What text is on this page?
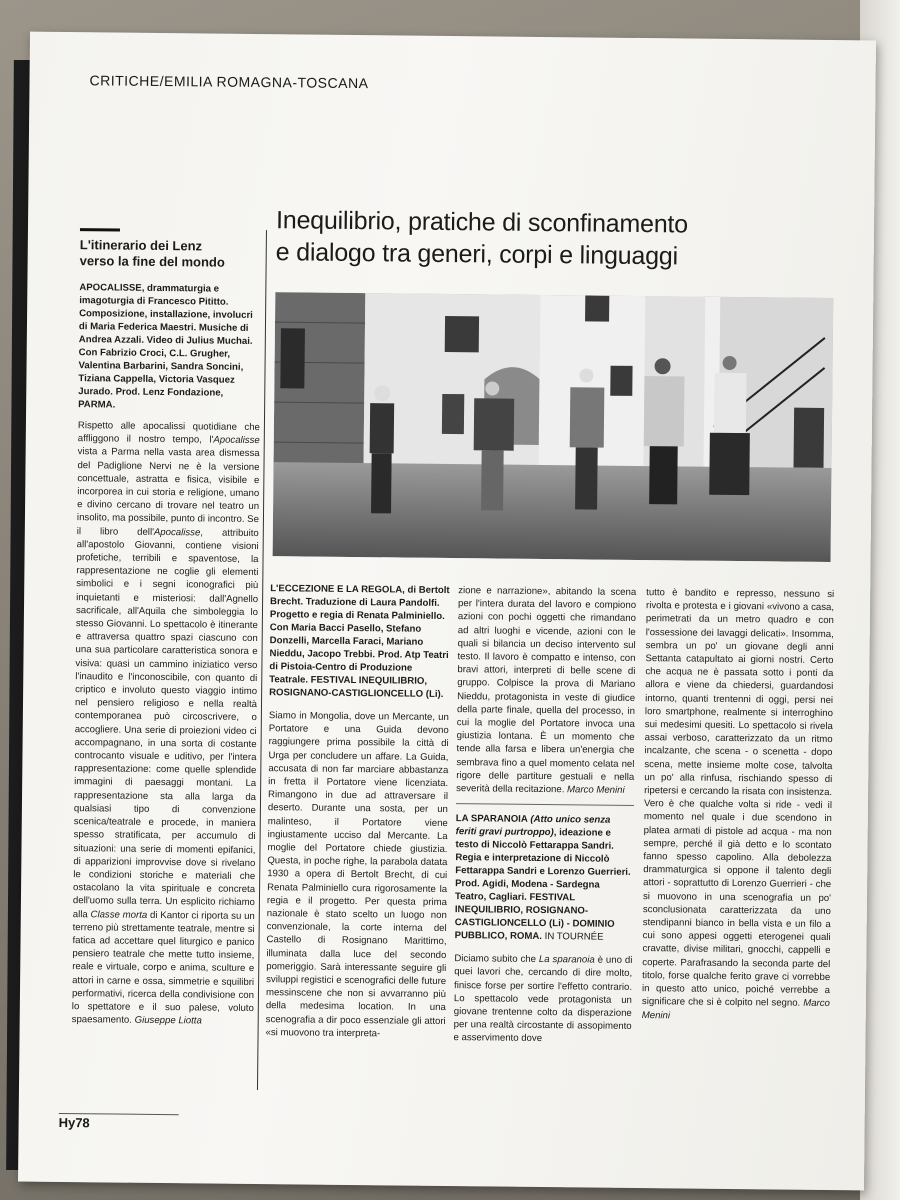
CRITICHE/EMILIA ROMAGNA-TOSCANA
L'itinerario dei Lenz
verso la fine del mondo
APOCALISSE, drammaturgia e imagoturgia di Francesco Pititto. Composizione, installazione, involucri di Maria Federica Maestri. Musiche di Andrea Azzali. Video di Julius Muchai. Con Fabrizio Croci, C.L. Grugher, Valentina Barbarini, Sandra Soncini, Tiziana Cappella, Victoria Vasquez Jurado. Prod. Lenz Fondazione, PARMA.
Rispetto alle apocalissi quotidiane che affliggono il nostro tempo, l'Apocalisse vista a Parma nella vasta area dismessa del Padiglione Nervi ne è la versione concettuale, astratta e fisica, visibile e incorporea in cui storia e religione, umano e divino cercano di trovare nel teatro un insolito, ma possibile, punto di incontro. Se il libro dell'Apocalisse, attribuito all'apostolo Giovanni, contiene visioni profetiche, terribili e spaventose, la rappresentazione ne coglie gli elementi simbolici e i segni iconografici più inquietanti e misteriosi: dall'Agnello sacrificale, all'Aquila che simboleggia lo stesso Giovanni. Lo spettacolo è itinerante e attraversa quattro spazi ciascuno con una sua particolare caratteristica sonora e visiva: quasi un cammino iniziatico verso l'inaudito e l'inconoscibile, con quanto di criptico e involuto questo viaggio intimo nel pensiero religioso e nella realtà contemporanea può circoscrivere, o accogliere. Una serie di proiezioni video ci accompagnano, in una sorta di costante controcanto visuale e uditivo, per l'intera rappresentazione: come quelle splendide immagini di paesaggi montani. La rappresentazione sta alla larga da qualsiasi tipo di convenzione scenica/teatrale e procede, in maniera spesso stratificata, per accumulo di situazioni: una serie di momenti epifanici, di apparizioni improvvise dove si rivelano le condizioni storiche e materiali che ostacolano la vita spirituale e concreta dell'uomo sulla terra. Un esplicito richiamo alla Classe morta di Kantor ci riporta su un terreno più strettamente teatrale, mentre si fatica ad accettare quel liturgico e panico pensiero teatrale che mette tutto insieme, reale e virtuale, corpo e anima, sculture e attori in carne e ossa, simmetrie e squilibri performativi, ricerca della condivisione con lo spettatore e il suo palese, voluto spaesamento. Giuseppe Liotta
Inequilibrio, pratiche di sconfinamento
e dialogo tra generi, corpi e linguaggi
L'ECCEZIONE E LA REGOLA, di Bertolt Brecht. Traduzione di Laura Pandolfi. Progetto e regia di Renata Palminiello. Con Maria Bacci Pasello, Stefano Donzelli, Marcella Faraci, Mariano Nieddu, Jacopo Trebbi. Prod. Atp Teatri di Pistoia-Centro di Produzione Teatrale. FESTIVAL INEQUILIBRIO, ROSIGNANO-CASTIGLIONCELLO (Li).
Siamo in Mongolia, dove un Mercante, un Portatore e una Guida devono raggiungere prima possibile la città di Urga per concludere un affare. La Guida, accusata di non far marciare abbastanza in fretta il Portatore viene licenziata. Rimangono in due ad attraversare il deserto. Durante una sosta, per un malinteso, il Portatore viene ingiustamente ucciso dal Mercante. La moglie del Portatore chiede giustizia. Questa, in poche righe, la parabola datata 1930 a opera di Bertolt Brecht, di cui Renata Palminiello cura rigorosamente la regia e il progetto. Per questa prima nazionale è stato scelto un luogo non convenzionale, la corte interna del Castello di Rosignano Marittimo, illuminata dalla luce del secondo pomeriggio. Sarà interessante seguire gli sviluppi registici e scenografici delle future messinscene che non si avvarranno più della medesima location. In una scenografia a dir poco essenziale gli attori «si muovono tra interpreta-
zione e narrazione», abitando la scena per l'intera durata del lavoro e compiono azioni con pochi oggetti che rimandano ad altri luoghi e vicende, azioni con le quali si bilancia un deciso intervento sul testo. Il lavoro è compatto e intenso, con bravi attori, interpreti di belle scene di gruppo. Colpisce la prova di Mariano Nieddu, protagonista in veste di giudice della parte finale, quella del processo, in cui la moglie del Portatore invoca una giustizia lontana. È un momento che tende alla farsa e libera un'energia che sembrava fino a quel momento celata nel rigore delle partiture gestuali e nella severità della recitazione. Marco Menini
LA SPARANOIA (Atto unico senza feriti gravi purtroppo), ideazione e testo di Niccolò Fettarappa Sandri. Regia e interpretazione di Niccolò Fettarappa Sandri e Lorenzo Guerrieri. Prod. Agidi, Modena - Sardegna Teatro, Cagliari. FESTIVAL INEQUILIBRIO, ROSIGNANO-CASTIGLIONCELLO (Li) - DOMINIO PUBBLICO, ROMA. IN TOURNÉE
Diciamo subito che La sparanoia è uno di quei lavori che, cercando di dire molto, finisce forse per sortire l'effetto contrario. Lo spettacolo vede protagonista un giovane trentenne colto da disperazione per una realtà circostante di assopimento e asservimento dove
tutto è bandito e represso, nessuno si rivolta e protesta e i giovani «vivono a casa, perimetrati da un metro quadro e con l'ossessione dei lavaggi delicati». Insomma, sembra un po' un giovane degli anni Settanta catapultato ai giorni nostri. Certo che acqua ne è passata sotto i ponti da allora e viene da chiedersi, guardandosi intorno, quanti trentenni di oggi, persi nei loro smartphone, realmente si interroghino sui medesimi quesiti. Lo spettacolo si rivela assai verboso, caratterizzato da un ritmo incalzante, che scena - o scenetta - dopo scena, mette insieme molte cose, talvolta un po' alla rinfusa, rischiando spesso di ripetersi e cercando la risata con insistenza. Vero è che qualche volta si ride - vedi il momento nel quale i due scendono in platea armati di pistole ad acqua - ma non sempre, perché il già detto e lo scontato fanno spesso capolino. Alla debolezza drammaturgica si oppone il talento degli attori - soprattutto di Lorenzo Guerrieri - che si muovono in una scenografia un po' sconclusionata caratterizzata da uno stendipanni bianco in bella vista e un filo a cui sono appesi oggetti eterogenei quali cravatte, divise militari, gnocchi, cappelli e coperte. Parafrasando la seconda parte del titolo, forse qualche ferito grave ci vorrebbe in questo atto unico, poiché verrebbe a significare che si è colpito nel segno. Marco Menini
Hy78
